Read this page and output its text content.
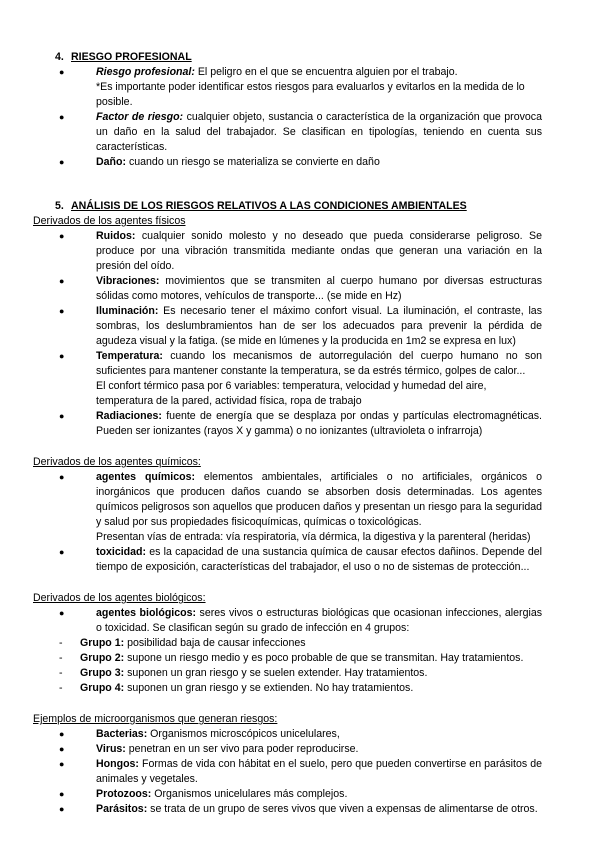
4. RIESGO PROFESIONAL
●	Riesgo profesional: El peligro en el que se encuentra alguien por el trabajo.
*Es importante poder identificar estos riesgos para evaluarlos y evitarlos en la medida de lo posible.
●	Factor de riesgo: cualquier objeto, sustancia o característica de la organización que provoca un daño en la salud del trabajador. Se clasifican en tipologías, teniendo en cuenta sus características.
●	Daño: cuando un riesgo se materializa se convierte en daño
5. ANÁLISIS DE LOS RIESGOS RELATIVOS A LAS CONDICIONES AMBIENTALES
Derivados de los agentes físicos
●	Ruidos: cualquier sonido molesto y no deseado que pueda considerarse peligroso. Se produce por una vibración transmitida mediante ondas que generan una variación en la presión del oído.
●	Vibraciones: movimientos que se transmiten al cuerpo humano por diversas estructuras sólidas como motores, vehículos de transporte... (se mide en Hz)
●	Iluminación: Es necesario tener el máximo confort visual. La iluminación, el contraste, las sombras, los deslumbramientos han de ser los adecuados para prevenir la pérdida de agudeza visual y la fatiga. (se mide en lúmenes y la producida en 1m2 se expresa en lux)
●	Temperatura: cuando los mecanismos de autorregulación del cuerpo humano no son suficientes para mantener constante la temperatura, se da estrés térmico, golpes de calor...
El confort térmico pasa por 6 variables: temperatura, velocidad y humedad del aire, temperatura de la pared, actividad física, ropa de trabajo
●	Radiaciones: fuente de energía que se desplaza por ondas y partículas electromagnéticas. Pueden ser ionizantes (rayos X y gamma) o no ionizantes (ultravioleta o infrarroja)
Derivados de los agentes químicos:
●	agentes químicos: elementos ambientales, artificiales o no artificiales, orgánicos o inorgánicos que producen daños cuando se absorben dosis determinadas. Los agentes químicos peligrosos son aquellos que producen daños y presentan un riesgo para la seguridad y salud por sus propiedades fisicoquímicas, químicas o toxicológicas.
Presentan vías de entrada: vía respiratoria, vía dérmica, la digestiva y la parenteral (heridas)
●	toxicidad: es la capacidad de una sustancia química de causar efectos dañinos. Depende del tiempo de exposición, características del trabajador, el uso o no de sistemas de protección...
Derivados de los agentes biológicos:
●	agentes biológicos: seres vivos o estructuras biológicas que ocasionan infecciones, alergias o toxicidad. Se clasifican según su grado de infección en 4 grupos:
- Grupo 1: posibilidad baja de causar infecciones
- Grupo 2: supone un riesgo medio y es poco probable de que se transmitan. Hay tratamientos.
- Grupo 3: suponen un gran riesgo y se suelen extender. Hay tratamientos.
- Grupo 4: suponen un gran riesgo y se extienden. No hay tratamientos.
Ejemplos de microorganismos que generan riesgos:
●	Bacterias: Organismos microscópicos unicelulares,
●	Virus: penetran en un ser vivo para poder reproducirse.
●	Hongos: Formas de vida con hábitat en el suelo, pero que pueden convertirse en parásitos de animales y vegetales.
●	Protozoos: Organismos unicelulares más complejos.
●	Parásitos: se trata de un grupo de seres vivos que viven a expensas de alimentarse de otros.
